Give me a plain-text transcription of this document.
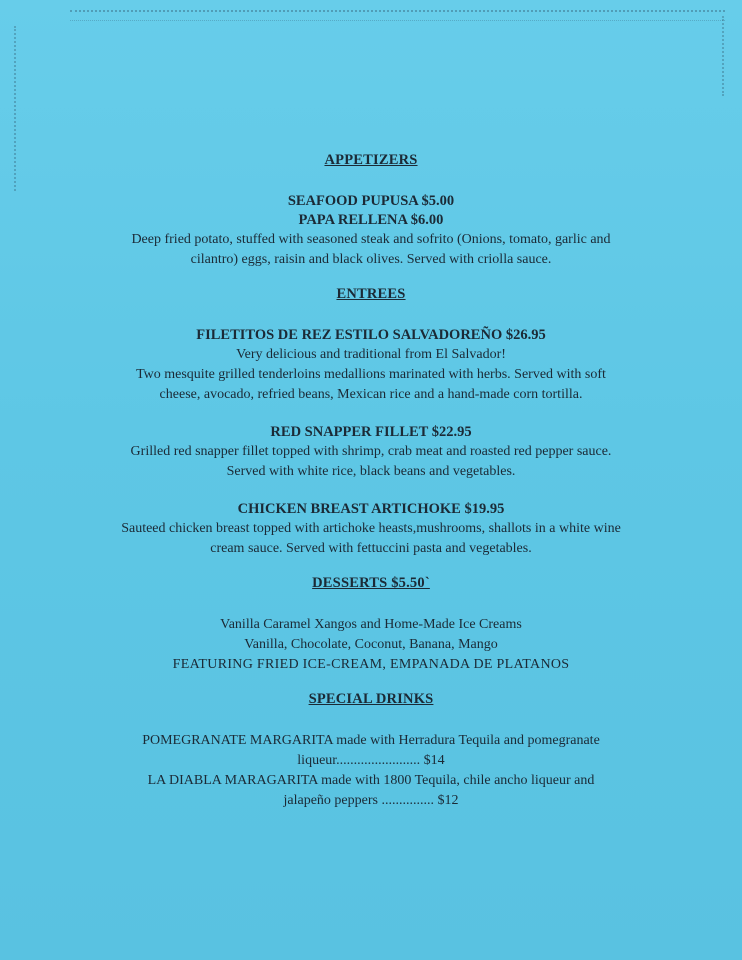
APPETIZERS
SEAFOOD PUPUSA $5.00
PAPA RELLENA $6.00
Deep fried potato, stuffed with seasoned steak and sofrito (Onions, tomato, garlic and
cilantro) eggs, raisin and black olives. Served with criolla sauce.
ENTREES
FILETITOS DE REZ ESTILO SALVADOREÑO $26.95
Very delicious and traditional from El Salvador!
Two mesquite grilled tenderloins medallions marinated with herbs. Served with soft
cheese, avocado, refried beans, Mexican rice and a hand-made corn tortilla.
RED SNAPPER FILLET $22.95
Grilled red snapper fillet topped with shrimp, crab meat and roasted red pepper sauce.
Served with white rice, black beans and vegetables.
CHICKEN BREAST ARTICHOKE $19.95
Sauteed chicken breast topped with artichoke heasts,mushrooms, shallots in a white wine
cream sauce. Served with fettuccini pasta and vegetables.
DESSERTS $5.50`
Vanilla Caramel Xangos and Home-Made Ice Creams
Vanilla, Chocolate, Coconut, Banana, Mango
FEATURING FRIED ICE-CREAM, EMPANADA DE PLATANOS
SPECIAL DRINKS
POMEGRANATE MARGARITA made with Herradura Tequila and pomegranate
liqueur........................ $14
LA DIABLA MARAGARITA made with 1800 Tequila, chile ancho liqueur and
jalapeño peppers ............... $12
